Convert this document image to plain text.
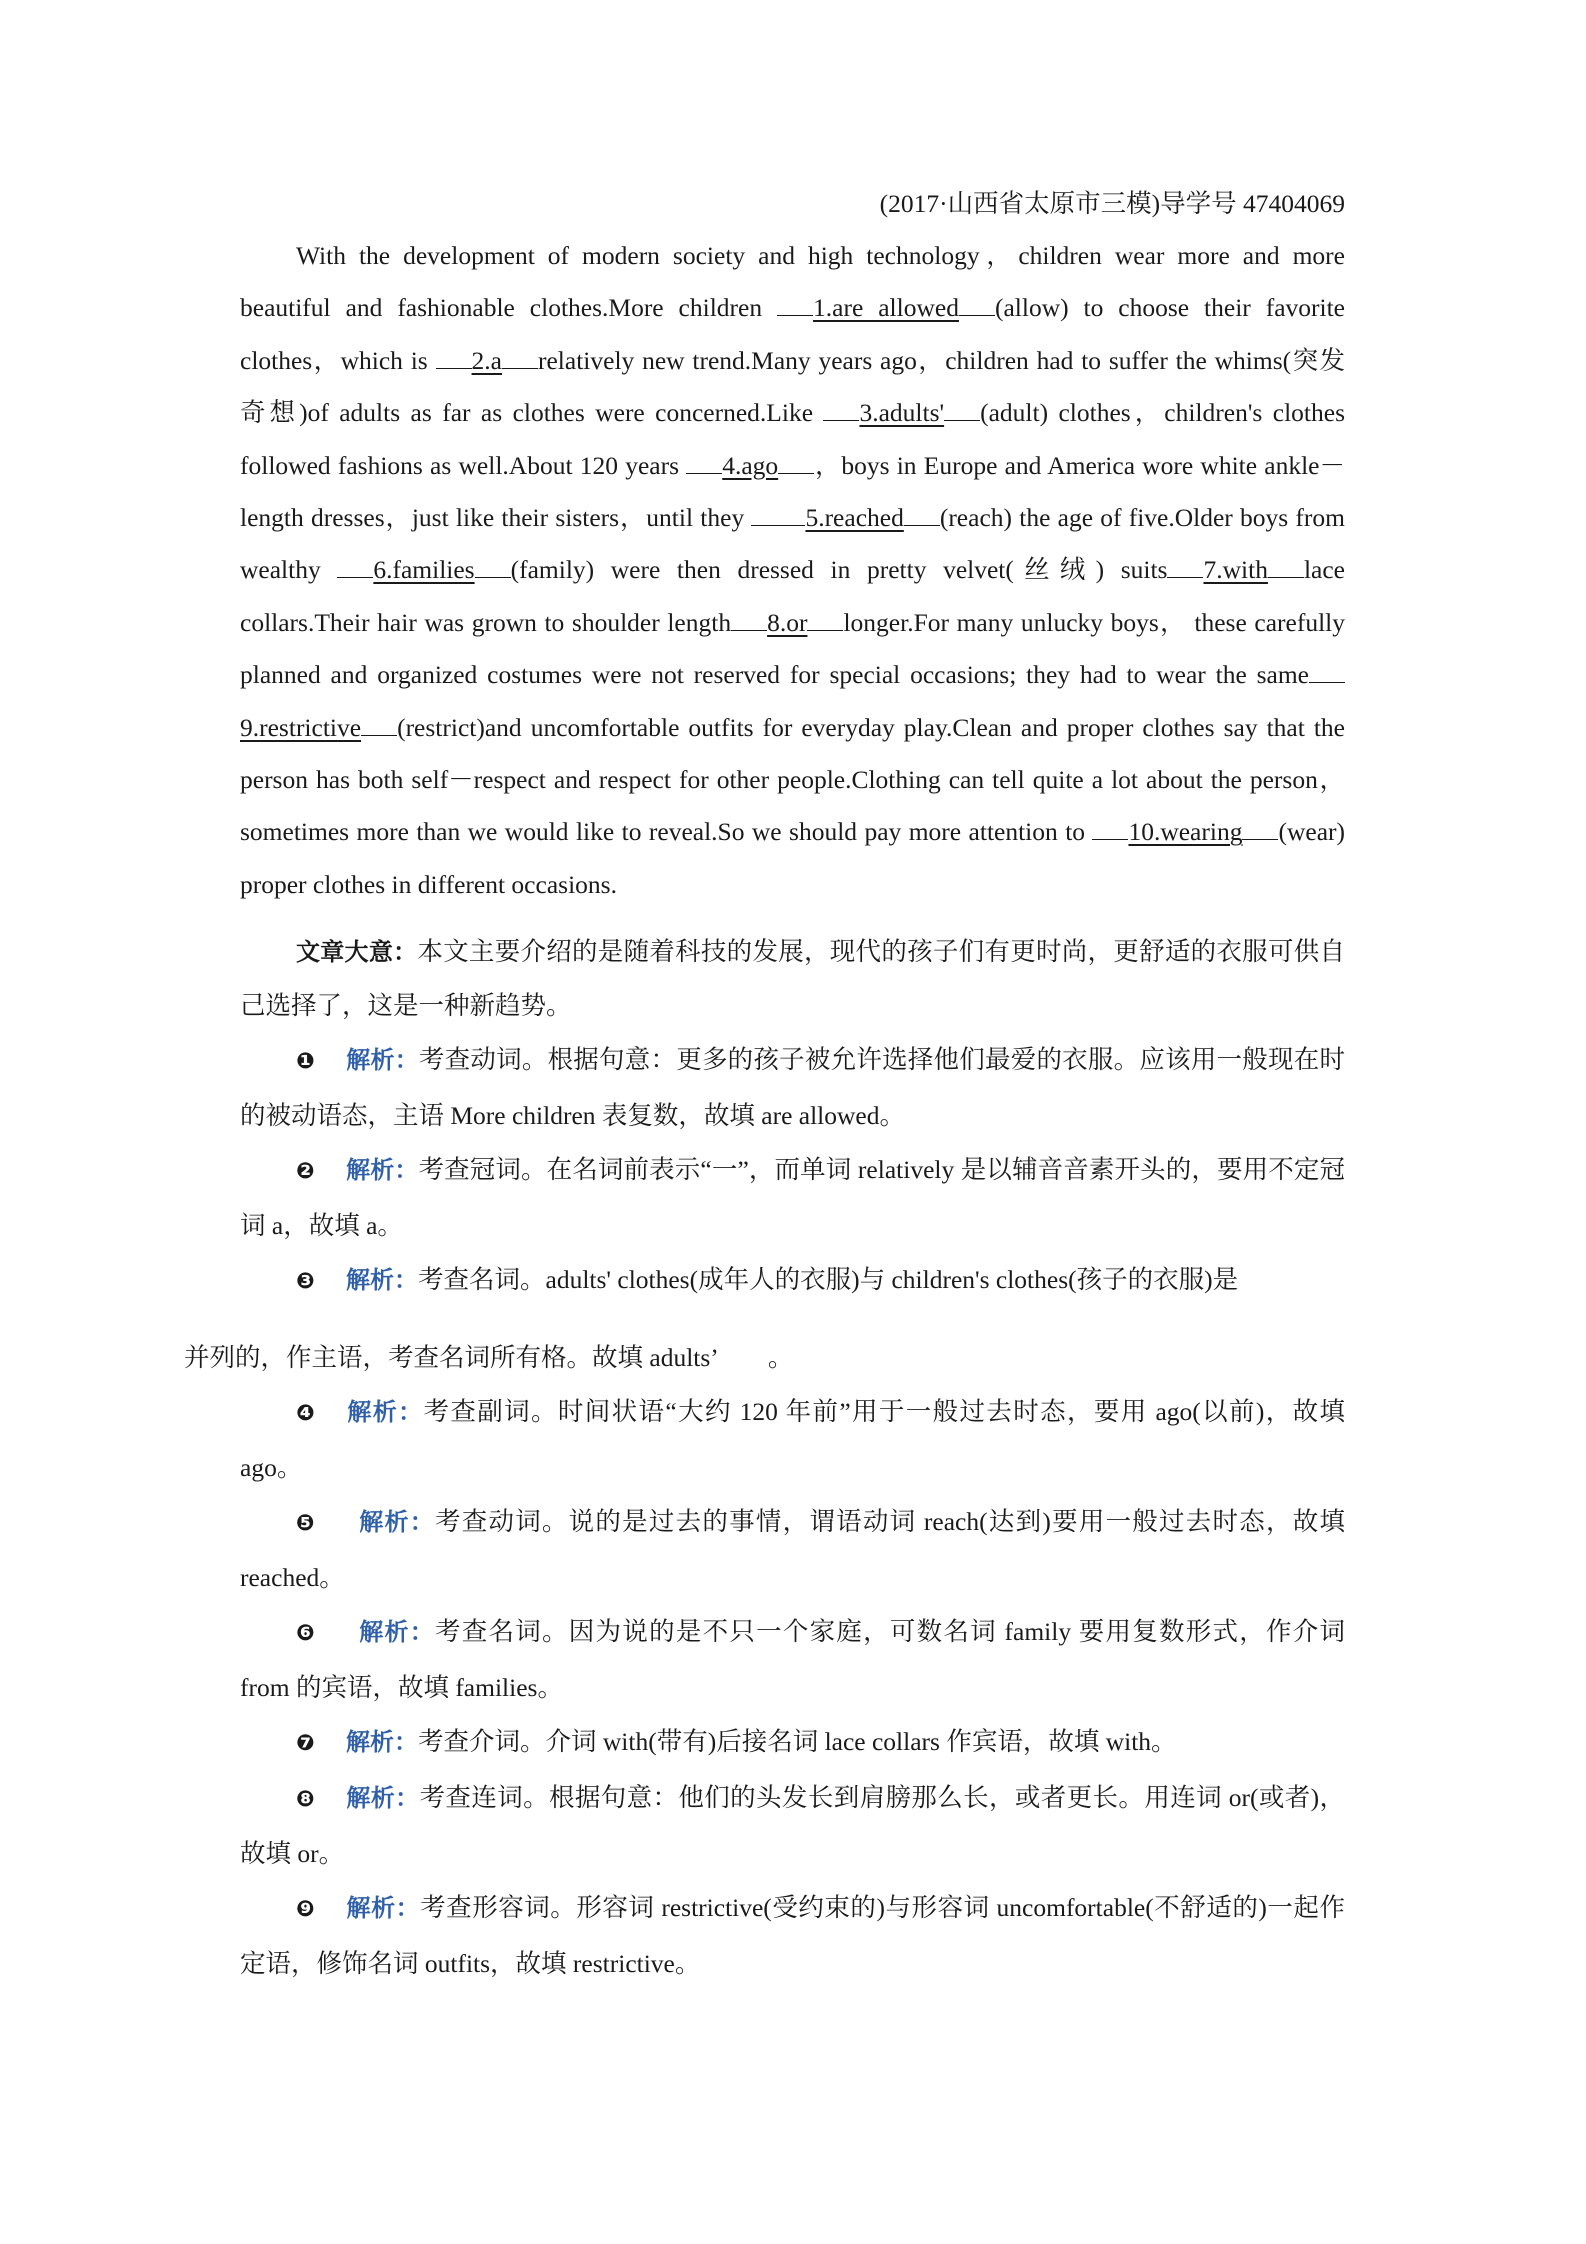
(2017·山西省太原市三模)导学号 47404069

With the development of modern society and high technology，children wear more and more beautiful and fashionable clothes.More children 1.are allowed (allow) to choose their favorite clothes，which is 2.a relatively new trend.Many years ago，children had to suffer the whims(突发奇想)of adults as far as clothes were concerned.Like 3.adults' (adult) clothes，children's clothes followed fashions as well.About 120 years 4.ago ，boys in Europe and America wore white ankle－length dresses，just like their sisters，until they 5.reached (reach) the age of five.Older boys from wealthy 6.families (family) were then dressed in pretty velvet(丝绒) suits 7.with lace collars.Their hair was grown to shoulder length 8.or longer.For many unlucky boys， these carefully planned and organized costumes were not reserved for special occasions; they had to wear the same9.restrictive (restrict)and uncomfortable outfits for everyday play.Clean and proper clothes say that the person has both self－respect and respect for other people.Clothing can tell quite a lot about the person，sometimes more than we would like to reveal.So we should pay more attention to 10.wearing (wear) proper clothes in different occasions.

文章大意：本文主要介绍的是随着科技的发展，现代的孩子们有更时尚，更舒适的衣服可供自己选择了，这是一种新趋势。

❶ 解析：考查动词。根据句意：更多的孩子被允许选择他们最爱的衣服。应该用一般现在时的被动语态，主语 More children 表复数，故填 are allowed。

❷ 解析：考查冠词。在名词前表示“一”，而单词 relatively 是以辅音音素开头的，要用不定冠词 a，故填 a。

❸ 解析：考查名词。adults' clothes(成年人的衣服)与 children's clothes(孩子的衣服)是
并列的，作主语，考查名词所有格。故填 adults’　　。

❹ 解析：考查副词。时间状语“大约 120 年前”用于一般过去时态，要用 ago(以前)，故填 ago。

❺ 解析：考查动词。说的是过去的事情，谓语动词 reach(达到)要用一般过去时态，故填 reached。

❻ 解析：考查名词。因为说的是不只一个家庭，可数名词 family 要用复数形式，作介词 from 的宾语，故填 families。

❼ 解析：考查介词。介词 with(带有)后接名词 lace collars 作宾语，故填 with。

❽ 解析：考查连词。根据句意：他们的头发长到肩膀那么长，或者更长。用连词 or(或者)，故填 or。

❾ 解析：考查形容词。形容词 restrictive(受约束的)与形容词 uncomfortable(不舒适的)一起作定语，修饰名词 outfits，故填 restrictive。
